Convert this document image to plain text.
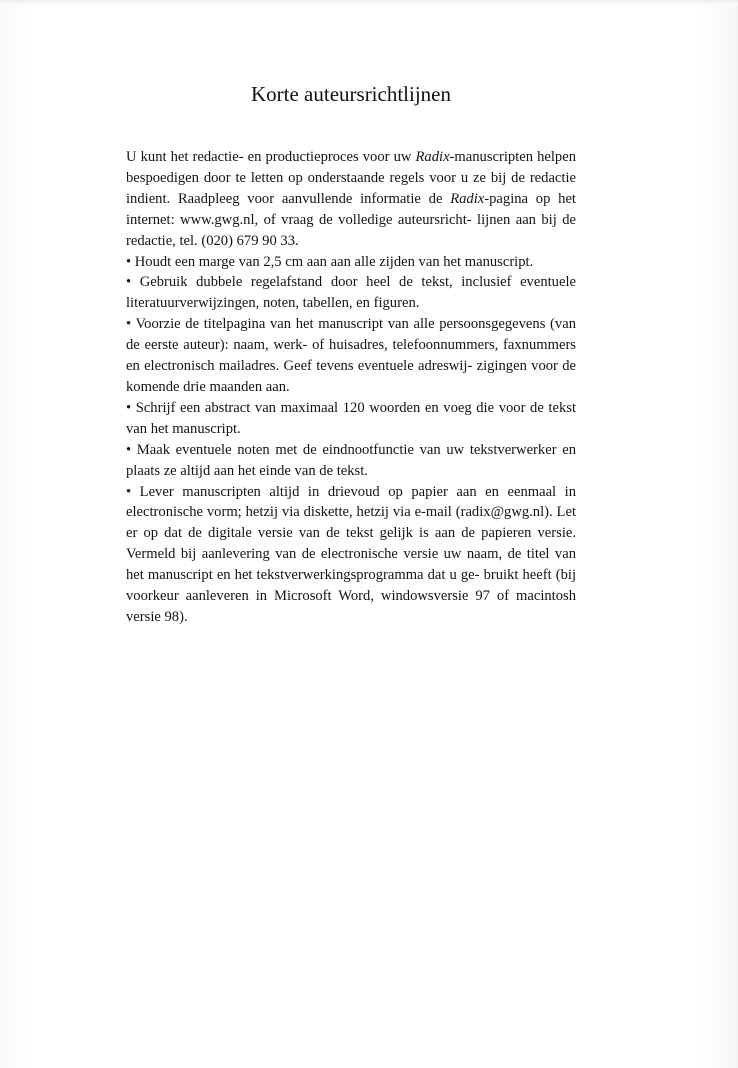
Korte auteursrichtlijnen

U kunt het redactie- en productieproces voor uw Radix-manuscripten helpen bespoedigen door te letten op onderstaande regels voor u ze bij de redactie indient. Raadpleeg voor aanvullende informatie de Radix-pagina op het internet: www.gwg.nl, of vraag de volledige auteursricht- lijnen aan bij de redactie, tel. (020) 679 90 33.

• Houdt een marge van 2,5 cm aan aan alle zijden van het manuscript.

• Gebruik dubbele regelafstand door heel de tekst, inclusief eventuele literatuurverwijzingen, noten, tabellen, en figuren.

• Voorzie de titelpagina van het manuscript van alle persoonsgegevens (van de eerste auteur): naam, werk- of huisadres, telefoonnummers, faxnummers en electronisch mailadres. Geef tevens eventuele adreswij- zigingen voor de komende drie maanden aan.

• Schrijf een abstract van maximaal 120 woorden en voeg die voor de tekst van het manuscript.

• Maak eventuele noten met de eindnootfunctie van uw tekstverwerker en plaats ze altijd aan het einde van de tekst.

• Lever manuscripten altijd in drievoud op papier aan en eenmaal in electronische vorm; hetzij via diskette, hetzij via e-mail (radix@gwg.nl). Let er op dat de digitale versie van de tekst gelijk is aan de papieren versie. Vermeld bij aanlevering van de electronische versie uw naam, de titel van het manuscript en het tekstverwerkingsprogramma dat u ge- bruikt heeft (bij voorkeur aanleveren in Microsoft Word, windowsversie 97 of macintosh versie 98).
